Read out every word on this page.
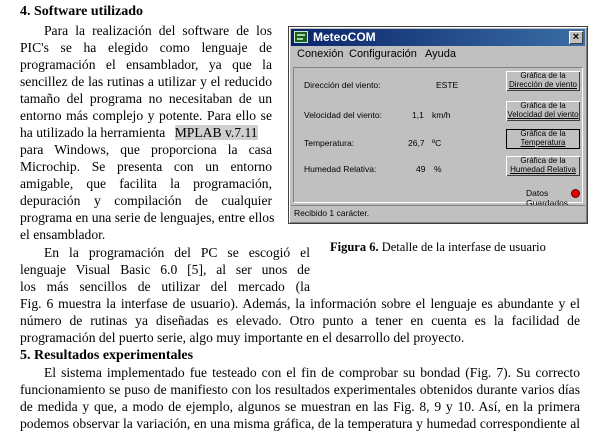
4. Software utilizado
Para la realización del software de los
PIC's se ha elegido como lenguaje de
programación el ensamblador, ya que la
sencillez de las rutinas a utilizar y el reducido
tamaño del programa no necesitaban de un
entorno más complejo y potente. Para ello se
ha utilizado la herramienta MPLAB v.7.11
para Windows, que proporciona la casa
Microchip. Se presenta con un entorno
amigable, que facilita la programación,
depuración y compilación de cualquier
programa en una serie de lenguajes, entre ellos
el ensamblador.
En la programación del PC se escogió el
lenguaje Visual Basic 6.0 [5], al ser unos de
los más sencillos de utilizar del mercado (la
Fig. 6 muestra la interfase de usuario). Además, la información sobre el lenguaje es abundante y el
número de rutinas ya diseñadas es elevado. Otro punto a tener en cuenta es la facilidad de
programación del puerto serie, algo muy importante en el desarrollo del proyecto.
MeteoCOM	×
Conexión Configuración Ayuda
Dirección del viento:	ESTE
Gráfica de la
Dirección de viento
Velocidad del viento:	1,1 km/h
Gráfica de la
Velocidad del viento
Temperatura:	26,7 ºC
Gráfica de la
Temperatura
Humedad Relativa:	49 %
Gráfica de la
Humedad Relativa
Datos Guardados
Recibido 1 carácter.
Figura 6. Detalle de la interfase de usuario
5. Resultados experimentales
El sistema implementado fue testeado con el fin de comprobar su bondad (Fig. 7). Su correcto
funcionamiento se puso de manifiesto con los resultados experimentales obtenidos durante varios días
de medida y que, a modo de ejemplo, algunos se muestran en las Fig. 8, 9 y 10. Así, en la primera
podemos observar la variación, en una misma gráfica, de la temperatura y humedad correspondiente al
